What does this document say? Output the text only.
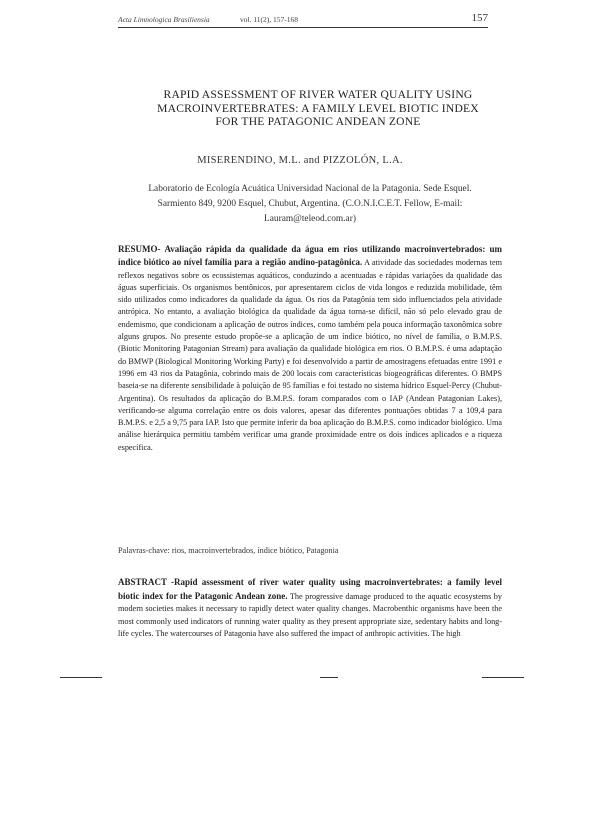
Acta Limnologica Brasiliensia	vol. 11(2), 157-168	157
RAPID ASSESSMENT OF RIVER WATER QUALITY USING
MACROINVERTEBRATES: A FAMILY LEVEL BIOTIC INDEX
FOR THE PATAGONIC ANDEAN ZONE
MISERENDINO, M.L. and PIZZOLÓN, L.A.
Laboratorio de Ecología Acuática Universidad Nacional de la Patagonia. Sede Esquel.
Sarmiento 849, 9200 Esquel, Chubut, Argentina. (C.O.N.I.C.E.T. Fellow, E-mail:
Lauram@teleod.com.ar)
RESUMO- Avaliação rápida da qualidade da água em rios utilizando macroinvertebrados: um índice biótico ao nível família para a região andino-patagônica. A atividade das sociedades modernas tem reflexos negativos sobre os ecossistemas aquáticos, conduzindo a acentuadas e rápidas variações da qualidade das águas superficiais. Os organismos bentônicos, por apresentarem ciclos de vida longos e reduzida mobilidade, têm sido utilizados como indicadores da qualidade da água. Os rios da Patagônia tem sido influenciados pela atividade antrópica. No entanto, a avaliação biológica da qualidade da água torna-se difícil, não só pelo elevado grau de endemismo, que condicionam a aplicação de outros índices, como também pela pouca informação taxonômica sobre alguns grupos. No presente estudo propõe-se a aplicação de um índice biótico, no nível de família, o B.M.P.S. (Biotic Monitoring Patagonian Stream) para avaliação da qualidade biológica em rios. O B.M.P.S. é uma adaptação do BMWP (Biological Monitoring Working Party) e foi desenvolvido a partir de amostragens efetuadas entre 1991 e 1996 em 43 rios da Patagônia, cobrindo mais de 200 locais com características biogeográficas diferentes. O BMPS baseia-se na diferente sensibilidade à poluição de 95 famílias e foi testado no sistema hídrico Esquel-Percy (Chubut- Argentina). Os resultados da aplicação do B.M.P.S. foram comparados com o IAP (Andean Patagonian Lakes), verificando-se alguma correlação entre os dois valores, apesar das diferentes pontuações obtidas 7 a 109,4 para B.M.P.S. e 2,5 a 9,75 para IAP. Isto que permite inferir da boa aplicação do B.M.P.S. como indicador biológico. Uma análise hierárquica permitiu também verificar uma grande proximidade entre os dois índices aplicados e a riqueza específica.
Palavras-chave: rios, macroinvertebrados, índice biótico, Patagonia
ABSTRACT -Rapid assessment of river water quality using macroinvertebrates: a family level biotic index for the Patagonic Andean zone. The progressive damage produced to the aquatic ecosystems by modern societies makes it necessary to rapidly detect water quality changes. Macrobenthic organisms have been the most commonly used indicators of running water quality as they present appropriate size, sedentary habits and long-life cycles. The watercourses of Patagonia have also suffered the impact of anthropic activities. The high
